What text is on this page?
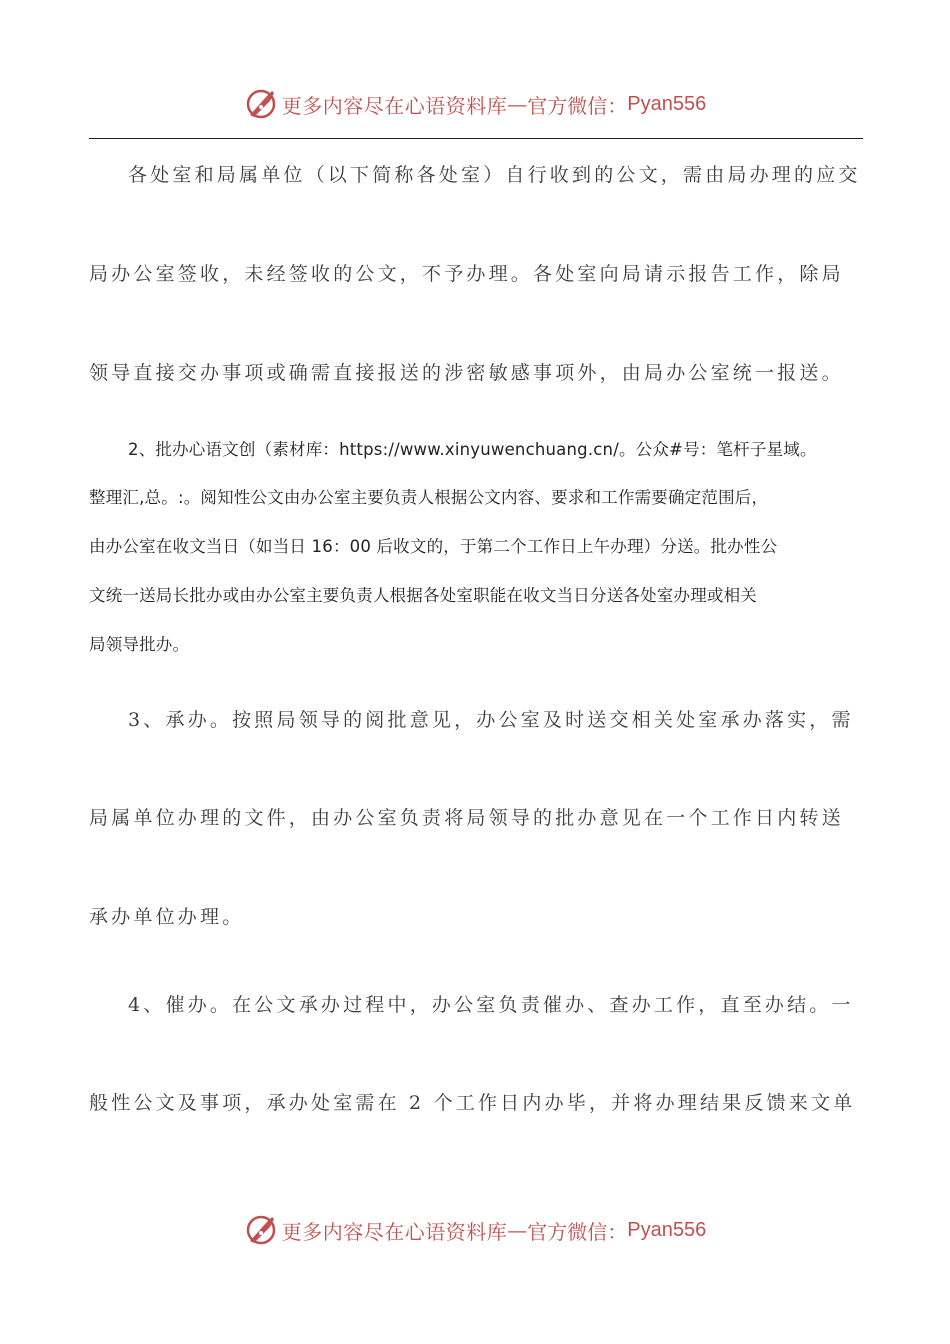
更多内容尽在心语资料库 — 官方微信： Pyan556
各处室和局属单位（以下简称各处室）自行收到的公文，需由局办理的应交
局办公室签收，未经签收的公文，不予办理。各处室向局请示报告工作，除局
领导直接交办事项或确需直接报送的涉密敏感事项外，由局办公室统一报送。
2、批办心语文创（素材库：https://www.xinyuwenchuang.cn/。公众#号：笔杆子星域。
整理汇,总。:。阅知性公文由办公室主要负责人根据公文内容、要求和工作需要确定范围后，
由办公室在收文当日（如当日 16：00 后收文的，于第二个工作日上午办理）分送。批办性公
文统一送局长批办或由办公室主要负责人根据各处室职能在收文当日分送各处室办理或相关
局领导批办。
3、承办。按照局领导的阅批意见，办公室及时送交相关处室承办落实，需
局属单位办理的文件，由办公室负责将局领导的批办意见在一个工作日内转送
承办单位办理。
4、催办。在公文承办过程中，办公室负责催办、查办工作，直至办结。一
般性公文及事项，承办处室需在 2 个工作日内办毕，并将办理结果反馈来文单
更多内容尽在心语资料库 — 官方微信： Pyan556
